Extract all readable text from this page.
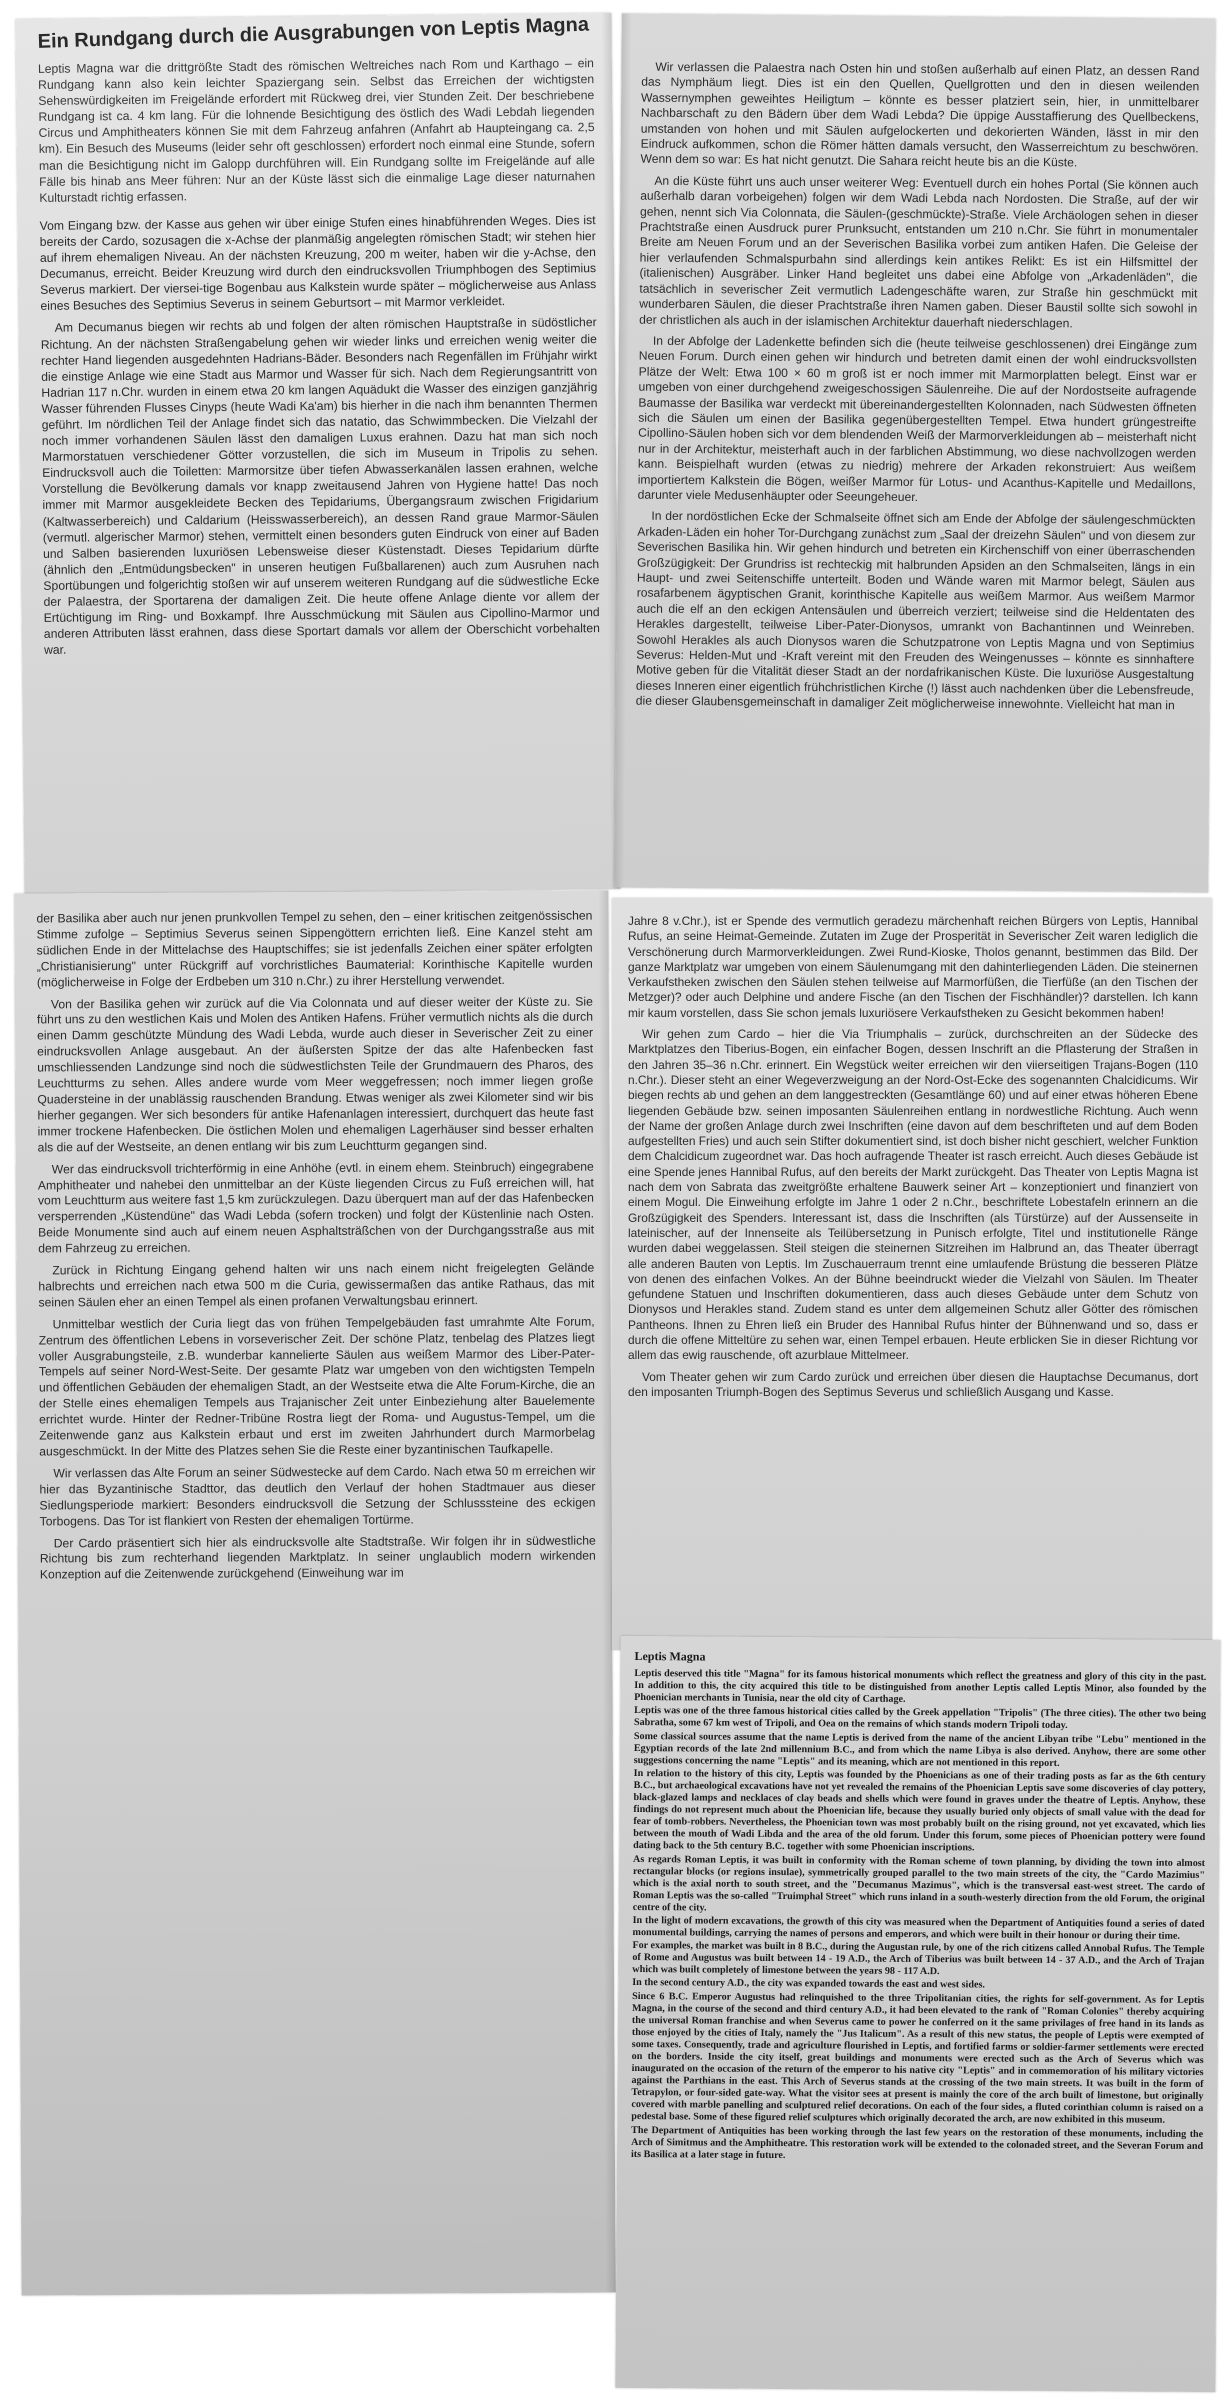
Ein Rundgang durch die Ausgrabungen von Leptis Magna

Leptis Magna war die drittgrößte Stadt des römischen Weltreiches nach Rom und Karthago – ein Rundgang kann also kein leichter Spaziergang sein. Selbst das Erreichen der wichtigsten Sehenswürdigkeiten im Freigelände erfordert mit Rückweg drei, vier Stunden Zeit. Der beschriebene Rundgang ist ca. 4 km lang. Für die lohnende Besichtigung des östlich des Wadi Lebdah liegenden Circus und Amphitheaters können Sie mit dem Fahrzeug anfahren (Anfahrt ab Haupteingang ca. 2,5 km). Ein Besuch des Museums (leider sehr oft geschlossen) erfordert noch einmal eine Stunde, sofern man die Besichtigung nicht im Galopp durchführen will. Ein Rundgang sollte im Freigelände auf alle Fälle bis hinab ans Meer führen: Nur an der Küste lässt sich die einmalige Lage dieser naturnahen Kulturstadt richtig erfassen.

Vom Eingang bzw. der Kasse aus gehen wir über einige Stufen eines hinabführenden Weges. Dies ist bereits der Cardo, sozusagen die x-Achse der planmäßig angelegten römischen Stadt; wir stehen hier auf ihrem ehemaligen Niveau. An der nächsten Kreuzung, 200 m weiter, haben wir die y-Achse, den Decumanus, erreicht. Beider Kreuzung wird durch den eindrucksvollen Triumphbogen des Septimius Severus markiert. Der viersei-tige Bogenbau aus Kalkstein wurde später – möglicherweise aus Anlass eines Besuches des Septimius Severus in seinem Geburtsort – mit Marmor verkleidet.

Am Decumanus biegen wir rechts ab und folgen der alten römischen Hauptstraße in südöstlicher Richtung. An der nächsten Straßengabelung gehen wir wieder links und erreichen wenig weiter die rechter Hand liegenden ausgedehnten Hadrians-Bäder. Besonders nach Regenfällen im Frühjahr wirkt die einstige Anlage wie eine Stadt aus Marmor und Wasser für sich. Nach dem Regierungsantritt von Hadrian 117 n.Chr. wurden in einem etwa 20 km langen Aquädukt die Wasser des einzigen ganzjährig Wasser führenden Flusses Cinyps (heute Wadi Ka'am) bis hierher in die nach ihm benannten Thermen geführt. Im nördlichen Teil der Anlage findet sich das natatio, das Schwimmbecken. Die Vielzahl der noch immer vorhandenen Säulen lässt den damaligen Luxus erahnen. Dazu hat man sich noch Marmorstatuen verschiedener Götter vorzustellen, die sich im Museum in Tripolis zu sehen. Eindrucksvoll auch die Toiletten: Marmorsitze über tiefen Abwasserkanälen lassen erahnen, welche Vorstellung die Bevölkerung damals vor knapp zweitausend Jahren von Hygiene hatte! Das noch immer mit Marmor ausgekleidete Becken des Tepidariums, Übergangsraum zwischen Frigidarium (Kaltwasserbereich) und Caldarium (Heisswasserbereich), an dessen Rand graue Marmor-Säulen (vermutl. algerischer Marmor) stehen, vermittelt einen besonders guten Eindruck von einer auf Baden und Salben basierenden luxuriösen Lebensweise dieser Küstenstadt. Dieses Tepidarium dürfte (ähnlich den „Entmüdungsbecken" in unseren heutigen Fußballarenen) auch zum Ausruhen nach Sportübungen und folgerichtig stoßen wir auf unserem weiteren Rundgang auf die südwestliche Ecke der Palaestra, der Sportarena der damaligen Zeit. Die heute offene Anlage diente vor allem der Ertüchtigung im Ring- und Boxkampf. Ihre Ausschmückung mit Säulen aus Cipollino-Marmor und anderen Attributen lässt erahnen, dass diese Sportart damals vor allem der Oberschicht vorbehalten war.

Wir verlassen die Palaestra nach Osten hin und stoßen außerhalb auf einen Platz, an dessen Rand das Nymphäum liegt. Dies ist ein den Quellen, Quellgrotten und den in diesen weilenden Wassernymphen geweihtes Heiligtum – könnte es besser platziert sein, hier, in unmittelbarer Nachbarschaft zu den Bädern über dem Wadi Lebda? Die üppige Ausstaffierung des Quellbeckens, umstanden von hohen und mit Säulen aufgelockerten und dekorierten Wänden, lässt in mir den Eindruck aufkommen, schon die Römer hätten damals versucht, den Wasserreichtum zu beschwören. Wenn dem so war: Es hat nicht genutzt. Die Sahara reicht heute bis an die Küste.

An die Küste führt uns auch unser weiterer Weg: Eventuell durch ein hohes Portal (Sie können auch außerhalb daran vorbeigehen) folgen wir dem Wadi Lebda nach Nordosten. Die Straße, auf der wir gehen, nennt sich Via Colonnata, die Säulen-(geschmückte)-Straße. Viele Archäologen sehen in dieser Prachtstraße einen Ausdruck purer Prunksucht, entstanden um 210 n.Chr. Sie führt in monumentaler Breite am Neuen Forum und an der Severischen Basilika vorbei zum antiken Hafen. Die Geleise der hier verlaufenden Schmalspurbahn sind allerdings kein antikes Relikt: Es ist ein Hilfsmittel der (italienischen) Ausgräber. Linker Hand begleitet uns dabei eine Abfolge von „Arkadenläden", die tatsächlich in severischer Zeit vermutlich Ladengeschäfte waren, zur Straße hin geschmückt mit wunderbaren Säulen, die dieser Prachtstraße ihren Namen gaben. Dieser Baustil sollte sich sowohl in der christlichen als auch in der islamischen Architektur dauerhaft niederschlagen.

In der Abfolge der Ladenkette befinden sich die (heute teilweise geschlossenen) drei Eingänge zum Neuen Forum. Durch einen gehen wir hindurch und betreten damit einen der wohl eindrucksvollsten Plätze der Welt: Etwa 100 × 60 m groß ist er noch immer mit Marmorplatten belegt. Einst war er umgeben von einer durchgehend zweigeschossigen Säulenreihe. Die auf der Nordostseite aufragende Baumasse der Basilika war verdeckt mit übereinandergestellten Kolonnaden, nach Südwesten öffneten sich die Säulen um einen der Basilika gegenübergestellten Tempel. Etwa hundert grüngestreifte Cipollino-Säulen hoben sich vor dem blendenden Weiß der Marmorverkleidungen ab – meisterhaft nicht nur in der Architektur, meisterhaft auch in der farblichen Abstimmung, wo diese nachvollzogen werden kann. Beispielhaft wurden (etwas zu niedrig) mehrere der Arkaden rekonstruiert: Aus weißem importiertem Kalkstein die Bögen, weißer Marmor für Lotus- und Acanthus-Kapitelle und Medaillons, darunter viele Medusenhäupter oder Seeungeheuer.

In der nordöstlichen Ecke der Schmalseite öffnet sich am Ende der Abfolge der säulengeschmückten Arkaden-Läden ein hoher Tor-Durchgang zunächst zum „Saal der dreizehn Säulen" und von diesem zur Severischen Basilika hin. Wir gehen hindurch und betreten ein Kirchenschiff von einer überraschenden Großzügigkeit: Der Grundriss ist rechteckig mit halbrunden Apsiden an den Schmalseiten, längs in ein Haupt- und zwei Seitenschiffe unterteilt. Boden und Wände waren mit Marmor belegt, Säulen aus rosafarbenem ägyptischen Granit, korinthische Kapitelle aus weißem Marmor. Aus weißem Marmor auch die elf an den eckigen Antensäulen und überreich verziert; teilweise sind die Heldentaten des Herakles dargestellt, teilweise Liber-Pater-Dionysos, umrankt von Bachantinnen und Weinreben. Sowohl Herakles als auch Dionysos waren die Schutzpatrone von Leptis Magna und von Septimius Severus: Helden-Mut und -Kraft vereint mit den Freuden des Weingenusses – könnte es sinnhaftere Motive geben für die Vitalität dieser Stadt an der nordafrikanischen Küste. Die luxuriöse Ausgestaltung dieses Inneren einer eigentlich frühchristlichen Kirche (!) lässt auch nachdenken über die Lebensfreude, die dieser Glaubensgemeinschaft in damaliger Zeit möglicherweise innewohnte. Vielleicht hat man in

der Basilika aber auch nur jenen prunkvollen Tempel zu sehen, den – einer kritischen zeitgenössischen Stimme zufolge – Septimius Severus seinen Sippengöttern errichten ließ. Eine Kanzel steht am südlichen Ende in der Mittelachse des Hauptschiffes; sie ist jedenfalls Zeichen einer später erfolgten „Christianisierung" unter Rückgriff auf vorchristliches Baumaterial: Korinthische Kapitelle wurden (möglicherweise in Folge der Erdbeben um 310 n.Chr.) zu ihrer Herstellung verwendet.

Von der Basilika gehen wir zurück auf die Via Colonnata und auf dieser weiter der Küste zu. Sie führt uns zu den westlichen Kais und Molen des Antiken Hafens. Früher vermutlich nichts als die durch einen Damm geschützte Mündung des Wadi Lebda, wurde auch dieser in Severischer Zeit zu einer eindrucksvollen Anlage ausgebaut. An der äußersten Spitze der das alte Hafenbecken fast umschliessenden Landzunge sind noch die südwestlichsten Teile der Grundmauern des Pharos, des Leuchtturms zu sehen. Alles andere wurde vom Meer weggefressen; noch immer liegen große Quadersteine in der unablässig rauschenden Brandung. Etwas weniger als zwei Kilometer sind wir bis hierher gegangen. Wer sich besonders für antike Hafenanlagen interessiert, durchquert das heute fast immer trockene Hafenbecken. Die östlichen Molen und ehemaligen Lagerhäuser sind besser erhalten als die auf der Westseite, an denen entlang wir bis zum Leuchtturm gegangen sind.

Wer das eindrucksvoll trichterförmig in eine Anhöhe (evtl. in einem ehem. Steinbruch) eingegrabene Amphitheater und nahebei den unmittelbar an der Küste liegenden Circus zu Fuß erreichen will, hat vom Leuchtturm aus weitere fast 1,5 km zurückzulegen. Dazu überquert man auf der das Hafenbecken versperrenden „Küstendüne" das Wadi Lebda (sofern trocken) und folgt der Küstenlinie nach Osten. Beide Monumente sind auch auf einem neuen Asphaltsträßchen von der Durchgangsstraße aus mit dem Fahrzeug zu erreichen.

Zurück in Richtung Eingang gehend halten wir uns nach einem nicht freigelegten Gelände halbrechts und erreichen nach etwa 500 m die Curia, gewissermaßen das antike Rathaus, das mit seinen Säulen eher an einen Tempel als einen profanen Verwaltungsbau erinnert.

Unmittelbar westlich der Curia liegt das von frühen Tempelgebäuden fast umrahmte Alte Forum, Zentrum des öffentlichen Lebens in vorseverischer Zeit. Der schöne Platz, tenbelag des Platzes liegt voller Ausgrabungsteile, z.B. wunderbar kannelierte Säulen aus weißem Marmor des Liber-Pater-Tempels auf seiner Nord-West-Seite. Der gesamte Platz war umgeben von den wichtigsten Tempeln und öffentlichen Gebäuden der ehemaligen Stadt, an der Westseite etwa die Alte Forum-Kirche, die an der Stelle eines ehemaligen Tempels aus Trajanischer Zeit unter Einbeziehung alter Bauelemente errichtet wurde. Hinter der Redner-Tribüne Rostra liegt der Roma- und Augustus-Tempel, um die Zeitenwende ganz aus Kalkstein erbaut und erst im zweiten Jahrhundert durch Marmorbelag ausgeschmückt. In der Mitte des Platzes sehen Sie die Reste einer byzantinischen Taufkapelle.

Wir verlassen das Alte Forum an seiner Südwestecke auf dem Cardo. Nach etwa 50 m erreichen wir hier das Byzantinische Stadttor, das deutlich den Verlauf der hohen Stadtmauer aus dieser Siedlungsperiode markiert: Besonders eindrucksvoll die Setzung der Schlusssteine des eckigen Torbogens. Das Tor ist flankiert von Resten der ehemaligen Tortürme.

Der Cardo präsentiert sich hier als eindrucksvolle alte Stadtstraße. Wir folgen ihr in südwestliche Richtung bis zum rechterhand liegenden Marktplatz. In seiner unglaublich modern wirkenden Konzeption auf die Zeitenwende zurückgehend (Einweihung war im

Jahre 8 v.Chr.), ist er Spende des vermutlich geradezu märchenhaft reichen Bürgers von Leptis, Hannibal Rufus, an seine Heimat-Gemeinde. Zutaten im Zuge der Prosperität in Severischer Zeit waren lediglich die Verschönerung durch Marmorverkleidungen. Zwei Rund-Kioske, Tholos genannt, bestimmen das Bild. Der ganze Marktplatz war umgeben von einem Säulenumgang mit den dahinterliegenden Läden. Die steinernen Verkaufstheken zwischen den Säulen stehen teilweise auf Marmorfüßen, die Tierfüße (an den Tischen der Metzger)? oder auch Delphine und andere Fische (an den Tischen der Fischhändler)? darstellen. Ich kann mir kaum vorstellen, dass Sie schon jemals luxuriösere Verkaufstheken zu Gesicht bekommen haben!

Wir gehen zum Cardo – hier die Via Triumphalis – zurück, durchschreiten an der Südecke des Marktplatzes den Tiberius-Bogen, ein einfacher Bogen, dessen Inschrift an die Pflasterung der Straßen in den Jahren 35–36 n.Chr. erinnert. Ein Wegstück weiter erreichen wir den viierseitigen Trajans-Bogen (110 n.Chr.). Dieser steht an einer Wegeverzweigung an der Nord-Ost-Ecke des sogenannten Chalcidicums. Wir biegen rechts ab und gehen an dem langgestreckten (Gesamtlänge 60) und auf einer etwas höheren Ebene liegenden Gebäude bzw. seinen imposanten Säulenreihen entlang in nordwestliche Richtung. Auch wenn der Name der großen Anlage durch zwei Inschriften (eine davon auf dem beschrifteten und auf dem Boden aufgestellten Fries) und auch sein Stifter dokumentiert sind, ist doch bisher nicht geschiert, welcher Funktion dem Chalcidicum zugeordnet war. Das hoch aufragende Theater ist rasch erreicht. Auch dieses Gebäude ist eine Spende jenes Hannibal Rufus, auf den bereits der Markt zurückgeht. Das Theater von Leptis Magna ist nach dem von Sabrata das zweitgrößte erhaltene Bauwerk seiner Art – konzeptioniert und finanziert von einem Mogul. Die Einweihung erfolgte im Jahre 1 oder 2 n.Chr., beschriftete Lobestafeln erinnern an die Großzügigkeit des Spenders. Interessant ist, dass die Inschriften (als Türstürze) auf der Aussenseite in lateinischer, auf der Innenseite als Teilübersetzung in Punisch erfolgte, Titel und institutionelle Ränge wurden dabei weggelassen. Steil steigen die steinernen Sitzreihen im Halbrund an, das Theater überragt alle anderen Bauten von Leptis. Im Zuschauerraum trennt eine umlaufende Brüstung die besseren Plätze von denen des einfachen Volkes. An der Bühne beeindruckt wieder die Vielzahl von Säulen. Im Theater gefundene Statuen und Inschriften dokumentieren, dass auch dieses Gebäude unter dem Schutz von Dionysos und Herakles stand. Zudem stand es unter dem allgemeinen Schutz aller Götter des römischen Pantheons. Ihnen zu Ehren ließ ein Bruder des Hannibal Rufus hinter der Bühnenwand und so, dass er durch die offene Mitteltüre zu sehen war, einen Tempel erbauen. Heute erblicken Sie in dieser Richtung vor allem das ewig rauschende, oft azurblaue Mittelmeer.

Vom Theater gehen wir zum Cardo zurück und erreichen über diesen die Hauptachse Decumanus, dort den imposanten Triumph-Bogen des Septimus Severus und schließlich Ausgang und Kasse.

Leptis Magna

Leptis deserved this title "Magna" for its famous historical monuments which reflect the greatness and glory of this city in the past. In addition to this, the city acquired this title to be distinguished from another Leptis called Leptis Minor, also founded by the Phoenician merchants in Tunisia, near the old city of Carthage.

Leptis was one of the three famous historical cities called by the Greek appellation "Tripolis" (The three cities). The other two being Sabratha, some 67 km west of Tripoli, and Oea on the remains of which stands modern Tripoli today.

Some classical sources assume that the name Leptis is derived from the name of the ancient Libyan tribe "Lebu" mentioned in the Egyptian records of the late 2nd millennium B.C., and from which the name Libya is also derived. Anyhow, there are some other suggestions concerning the name "Leptis" and its meaning, which are not mentioned in this report.

In relation to the history of this city, Leptis was founded by the Phoenicians as one of their trading posts as far as the 6th century B.C., but archaeological excavations have not yet revealed the remains of the Phoenician Leptis save some discoveries of clay pottery, black-glazed lamps and necklaces of clay beads and shells which were found in graves under the theatre of Leptis. Anyhow, these findings do not represent much about the Phoenician life, because they usually buried only objects of small value with the dead for fear of tomb-robbers. Nevertheless, the Phoenician town was most probably built on the rising ground, not yet excavated, which lies between the mouth of Wadi Libda and the area of the old forum. Under this forum, some pieces of Phoenician pottery were found dating back to the 5th century B.C. together with some Phoenician inscriptions.

As regards Roman Leptis, it was built in conformity with the Roman scheme of town planning, by dividing the town into almost rectangular blocks (or regions insulae), symmetrically grouped parallel to the two main streets of the city, the "Cardo Mazimius" which is the axial north to south street, and the "Decumanus Mazimus", which is the transversal east-west street. The cardo of Roman Leptis was the so-called "Truimphal Street" which runs inland in a south-westerly direction from the old Forum, the original centre of the city.

In the light of modern excavations, the growth of this city was measured when the Department of Antiquities found a series of dated monumental buildings, carrying the names of persons and emperors, and which were built in their honour or during their time.

For examples, the market was built in 8 B.C., during the Augustan rule, by one of the rich citizens called Annobal Rufus. The Temple of Rome and Augustus was built between 14 - 19 A.D., the Arch of Tiberius was built between 14 - 37 A.D., and the Arch of Trajan which was built completely of limestone between the years 98 - 117 A.D.

In the second century A.D., the city was expanded towards the east and west sides.

Since 6 B.C. Emperor Augustus had relinquished to the three Tripolitanian cities, the rights for self-government. As for Leptis Magna, in the course of the second and third century A.D., it had been elevated to the rank of "Roman Colonies" thereby acquiring the universal Roman franchise and when Severus came to power he conferred on it the same privilages of free hand in its lands as those enjoyed by the cities of Italy, namely the "Jus Italicum". As a result of this new status, the people of Leptis were exempted of some taxes. Consequently, trade and agriculture flourished in Leptis, and fortified farms or soldier-farmer settlements were erected on the borders. Inside the city itself, great buildings and monuments were erected such as the Arch of Severus which was inaugurated on the occasion of the return of the emperor to his native city "Leptis" and in commemoration of his military victories against the Parthians in the east. This Arch of Severus stands at the crossing of the two main streets. It was built in the form of Tetrapylon, or four-sided gate-way. What the visitor sees at present is mainly the core of the arch built of limestone, but originally covered with marble panelling and sculptured relief decorations. On each of the four sides, a fluted corinthian column is raised on a pedestal base. Some of these figured relief sculptures which originally decorated the arch, are now exhibited in this museum.

The Department of Antiquities has been working through the last few years on the restoration of these monuments, including the Arch of Simitmus and the Amphitheatre. This restoration work will be extended to the colonaded street, and the Severan Forum and its Basilica at a later stage in future.
